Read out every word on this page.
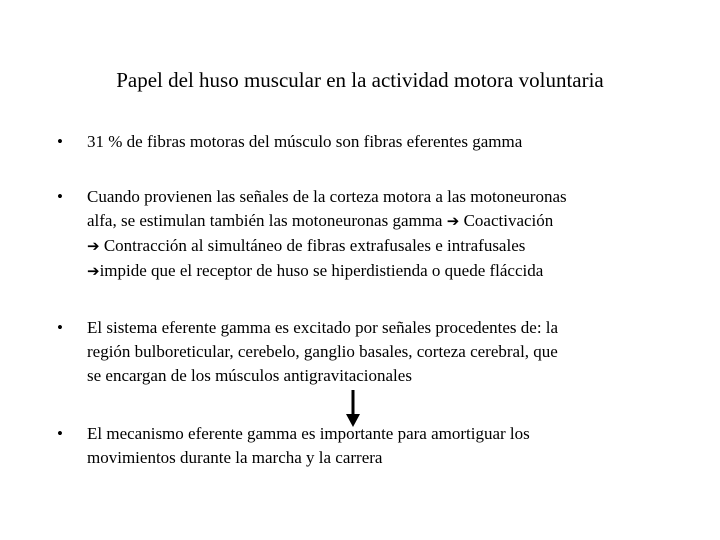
Papel del huso muscular en la actividad motora voluntaria
• 31 % de fibras motoras del músculo son fibras eferentes gamma
• Cuando provienen las señales de la corteza motora a las motoneuronas
alfa, se estimulan también las motoneuronas gamma ➔ Coactivación
➔ Contracción al simultáneo de fibras extrafusales e intrafusales
➔impide que el receptor de huso se hiperdistienda o quede fláccida
• El sistema eferente gamma es excitado por señales procedentes de: la
región bulboreticular, cerebelo, ganglio basales, corteza cerebral, que
se encargan de los músculos antigravitacionales
• El mecanismo eferente gamma es importante para amortiguar los
movimientos durante la marcha y la carrera
